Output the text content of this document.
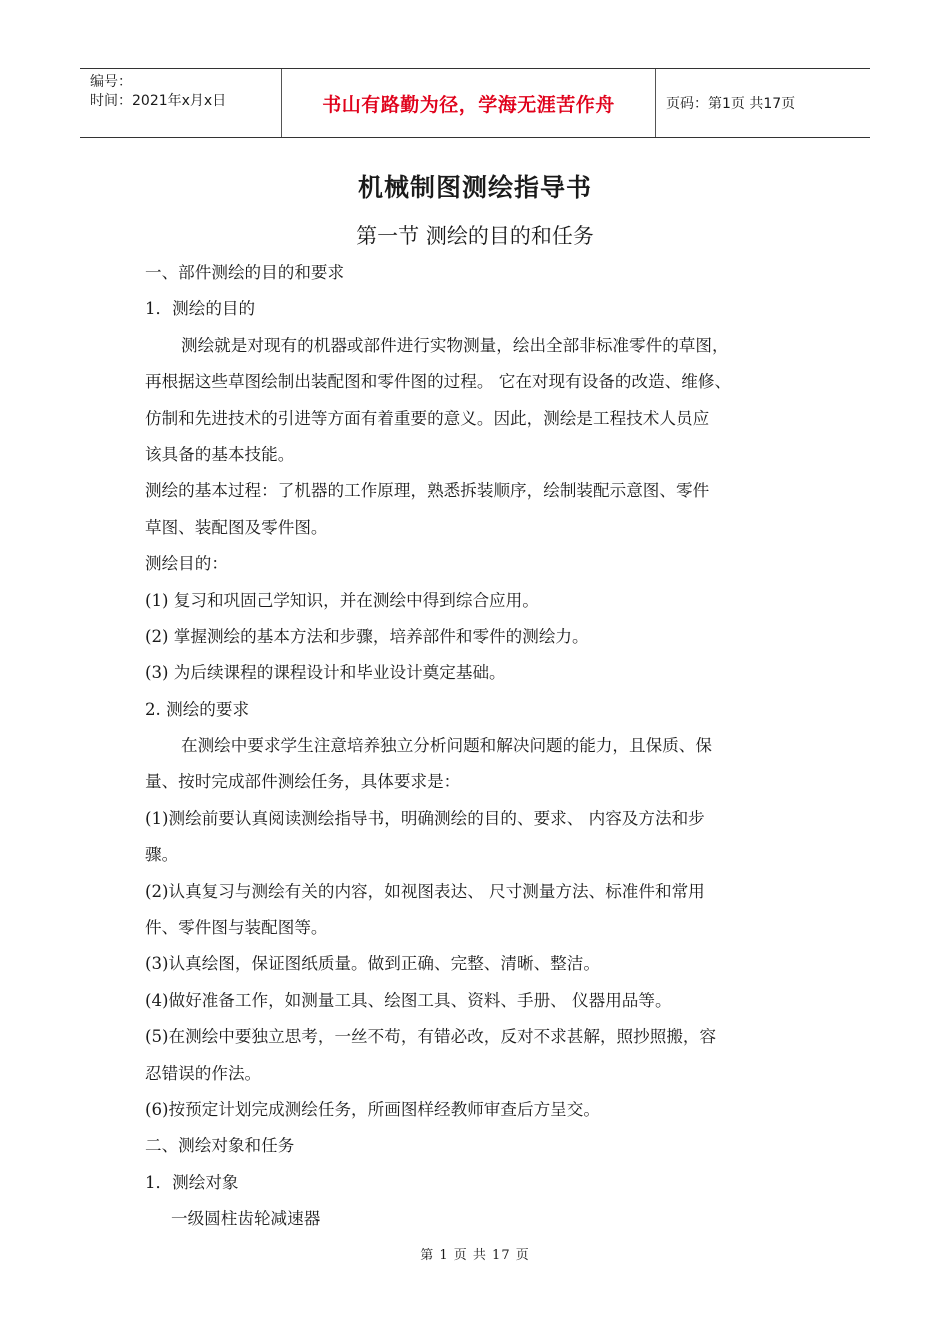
编号：
时间：2021年x月x日	书山有路勤为径，学海无涯苦作舟	页码：第1页 共17页
机械制图测绘指导书
第一节 测绘的目的和任务
一、部件测绘的目的和要求
1．测绘的目的
测绘就是对现有的机器或部件进行实物测量，绘出全部非标准零件的草图，
再根据这些草图绘制出装配图和零件图的过程。 它在对现有设备的改造、维修、
仿制和先进技术的引进等方面有着重要的意义。因此，测绘是工程技术人员应
该具备的基本技能。
测绘的基本过程：了机器的工作原理，熟悉拆装顺序，绘制装配示意图、零件
草图、装配图及零件图。
测绘目的：
(1) 复习和巩固己学知识，并在测绘中得到综合应用。
(2) 掌握测绘的基本方法和步骤，培养部件和零件的测绘力。
(3) 为后续课程的课程设计和毕业设计奠定基础。
2. 测绘的要求
在测绘中要求学生注意培养独立分析问题和解决问题的能力，且保质、保
量、按时完成部件测绘任务，具体要求是：
(1)测绘前要认真阅读测绘指导书，明确测绘的目的、要求、 内容及方法和步
骤。
(2)认真复习与测绘有关的内容，如视图表达、 尺寸测量方法、标准件和常用
件、零件图与装配图等。
(3)认真绘图，保证图纸质量。做到正确、完整、清晰、整洁。
(4)做好准备工作，如测量工具、绘图工具、资料、手册、 仪器用品等。
(5)在测绘中要独立思考，一丝不苟，有错必改，反对不求甚解，照抄照搬，容
忍错误的作法。
(6)按预定计划完成测绘任务，所画图样经教师审查后方呈交。
二、测绘对象和任务
1．测绘对象
一级圆柱齿轮减速器
第 1 页 共 17 页
